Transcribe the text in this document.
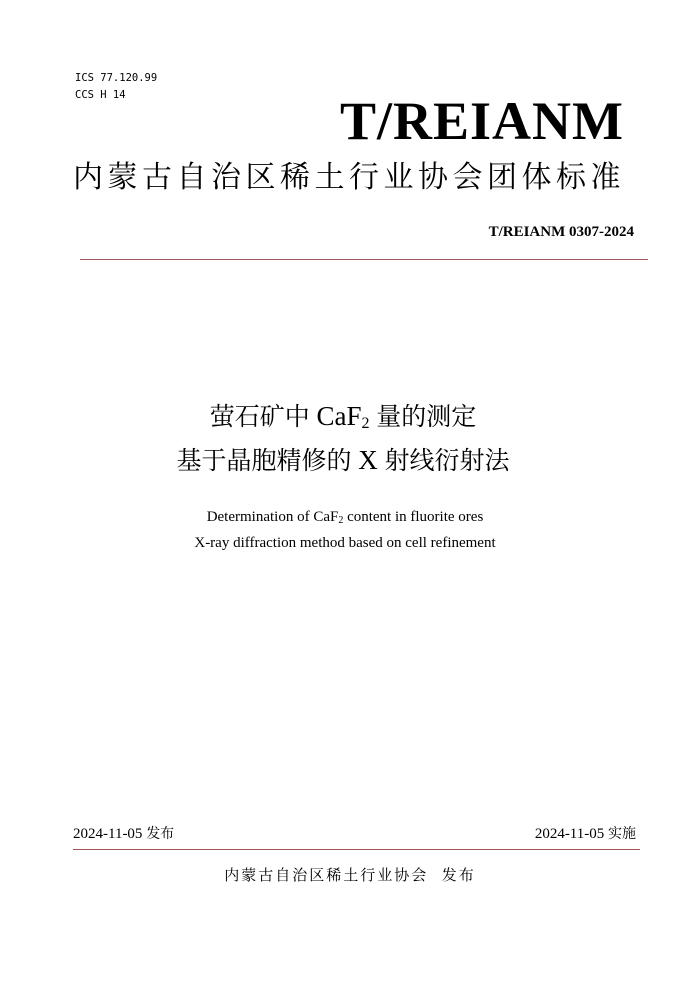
ICS 77.120.99
CCS H 14	T/REIANM
内蒙古自治区稀土行业协会团体标准
T/REIANM 0307-2024
萤石矿中 CaF$_2$ 量的测定
基于晶胞精修的 X 射线衍射法
Determination of CaF$_2$ content in fluorite ores
X-ray diffraction method based on cell refinement
2024-11-05 发布	2024-11-05 实施
内蒙古自治区稀土行业协会 发布
